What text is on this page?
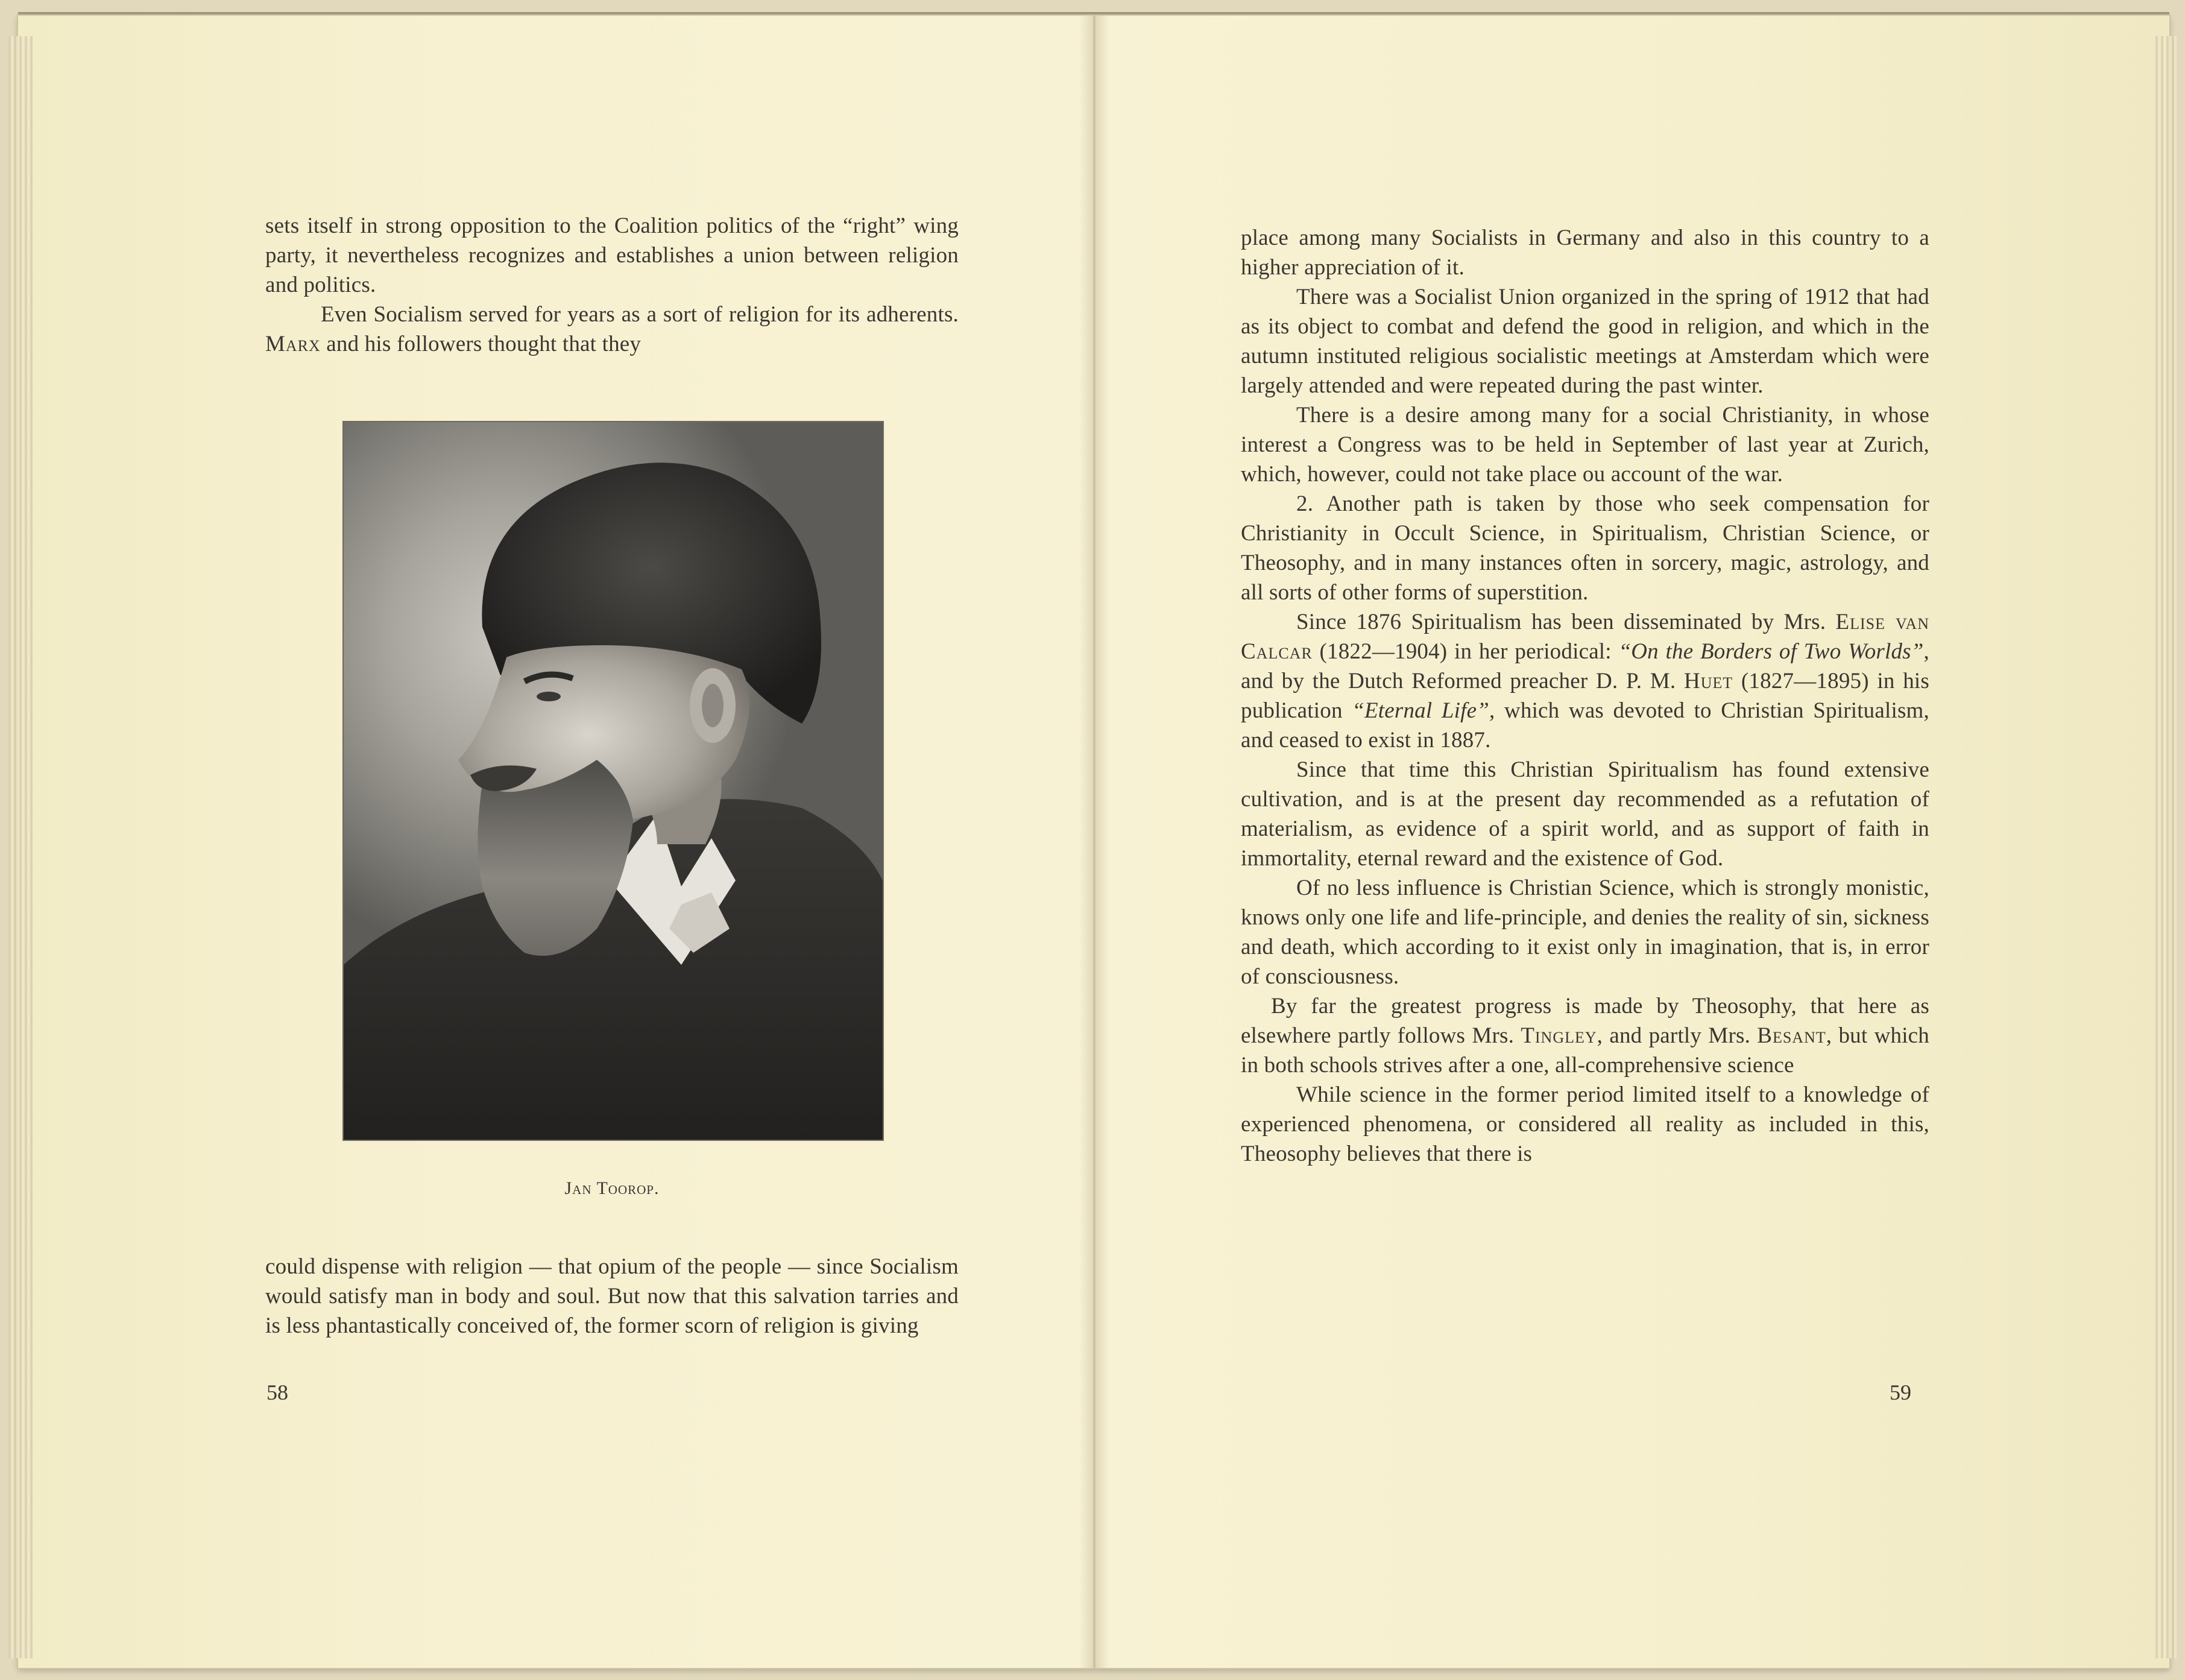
sets itself in strong opposition to the Coalition politics of the “right” wing party, it nevertheless recognizes and establishes a union between religion and politics.

Even Socialism served for years as a sort of religion for its adherents. Marx and his followers thought that they

~~~
Jan Toorop.

could dispense with religion — that opium of the people — since Socialism would satisfy man in body and soul. But now that this salvation tarries and is less phantastically conceived of, the former scorn of religion is giving

58

place among many Socialists in Germany and also in this country to a higher appreciation of it.

There was a Socialist Union organized in the spring of 1912 that had as its object to combat and defend the good in religion, and which in the autumn instituted religious socialistic meetings at Amsterdam which were largely attended and were repeated during the past winter.

There is a desire among many for a social Christianity, in whose interest a Congress was to be held in September of last year at Zurich, which, however, could not take place ou account of the war.

2. Another path is taken by those who seek compensation for Christianity in Occult Science, in Spiritualism, Christian Science, or Theosophy, and in many instances often in sorcery, magic, astrology, and all sorts of other forms of superstition.

Since 1876 Spiritualism has been disseminated by Mrs. Elise van Calcar (1822—1904) in her periodical: “On the Borders of Two Worlds”, and by the Dutch Reformed preacher D. P. M. Huet (1827—1895) in his publication “Eternal Life”, which was devoted to Christian Spiritualism, and ceased to exist in 1887.

Since that time this Christian Spiritualism has found extensive cultivation, and is at the present day recommended as a refutation of materialism, as evidence of a spirit world, and as support of faith in immortality, eternal reward and the existence of God.

Of no less influence is Christian Science, which is strongly monistic, knows only one life and life-principle, and denies the reality of sin, sickness and death, which according to it exist only in imagination, that is, in error of consciousness.

By far the greatest progress is made by Theosophy, that here as elsewhere partly follows Mrs. Tingley, and partly Mrs. Besant, but which in both schools strives after a one, all-comprehensive science

While science in the former period limited itself to a knowledge of experienced phenomena, or considered all reality as included in this, Theosophy believes that there is

59
